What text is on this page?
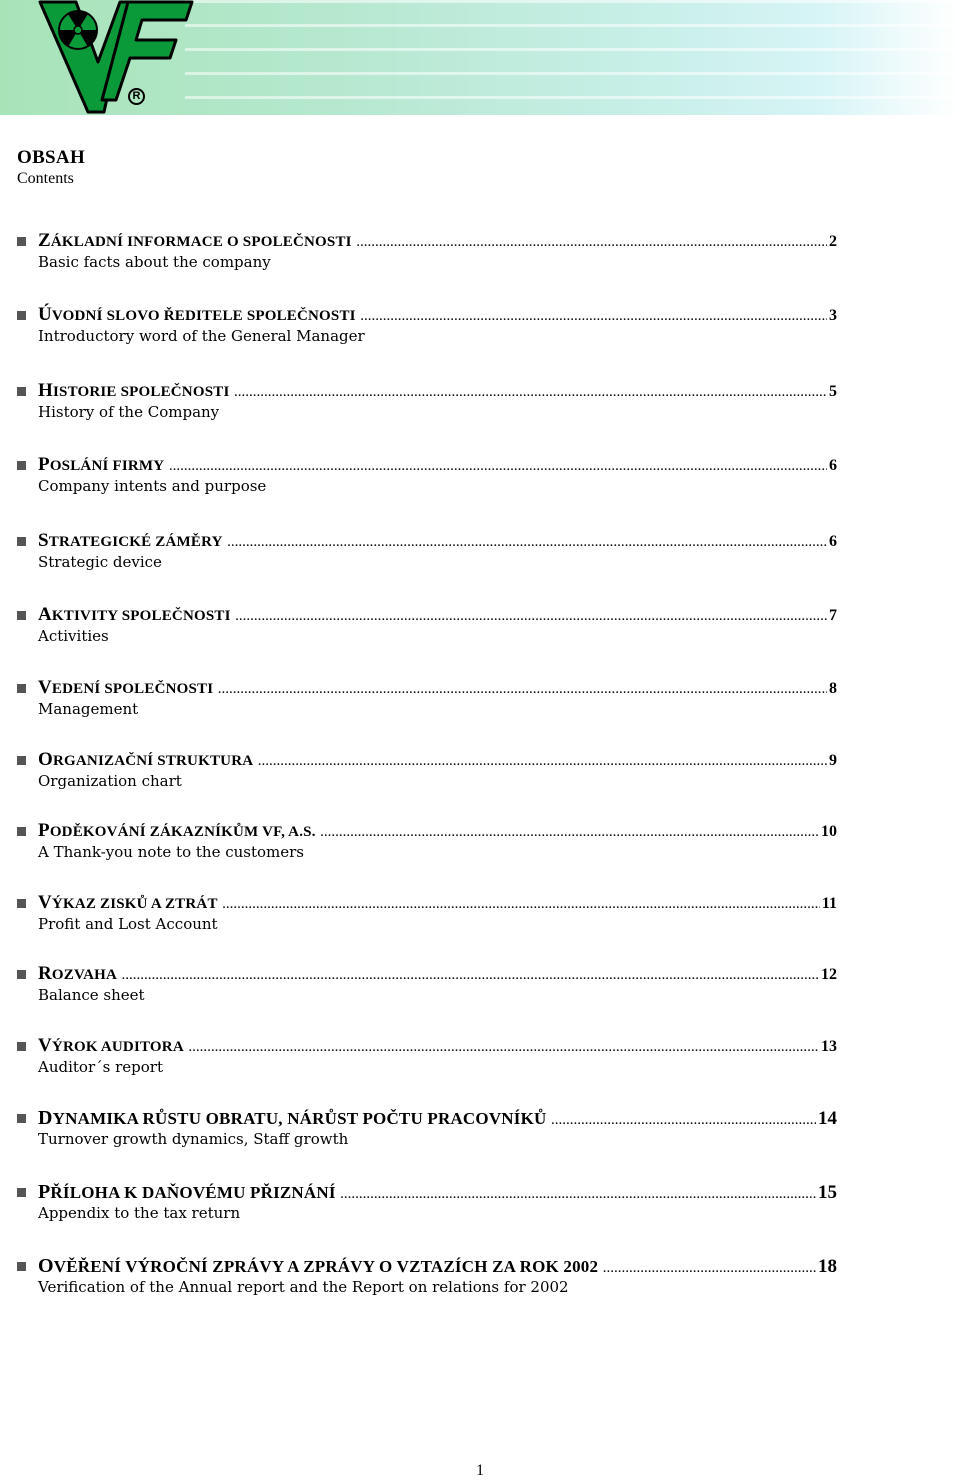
VF
R
OBSAH
Contents
ZÁKLADNÍ INFORMACE O SPOLEČNOSTI .....	2
Basic facts about the company
ÚVODNÍ SLOVO ŘEDITELE SPOLEČNOSTI .....	3
Introductory word of the General Manager
HISTORIE SPOLEČNOSTI .....	5
History of the Company
POSLÁNÍ FIRMY .....	6
Company intents and purpose
STRATEGICKÉ ZÁMĚRY .....	6
Strategic device
AKTIVITY SPOLEČNOSTI .....	7
Activities
VEDENÍ SPOLEČNOSTI .....	8
Management
ORGANIZAČNÍ STRUKTURA .....	9
Organization chart
PODĚKOVÁNÍ ZÁKAZNÍKŮM VF, A.S. .....	10
A Thank-you note to the customers
VÝKAZ ZISKŮ A ZTRÁT .....	11
Profit and Lost Account
ROZVAHA .....	12
Balance sheet
VÝROK AUDITORA .....	13
Auditor´s report
DYNAMIKA RŮSTU OBRATU, NÁRŮST POČTU PRACOVNÍKŮ .....	14
Turnover growth dynamics, Staff growth
PŘÍLOHA K DAŇOVÉMU PŘIZNÁNÍ .....	15
Appendix to the tax return
OVĚŘENÍ VÝROČNÍ ZPRÁVY A ZPRÁVY O VZTAZÍCH ZA ROK 2002 .....	18
Verification of the Annual report and the Report on relations for 2002
1
